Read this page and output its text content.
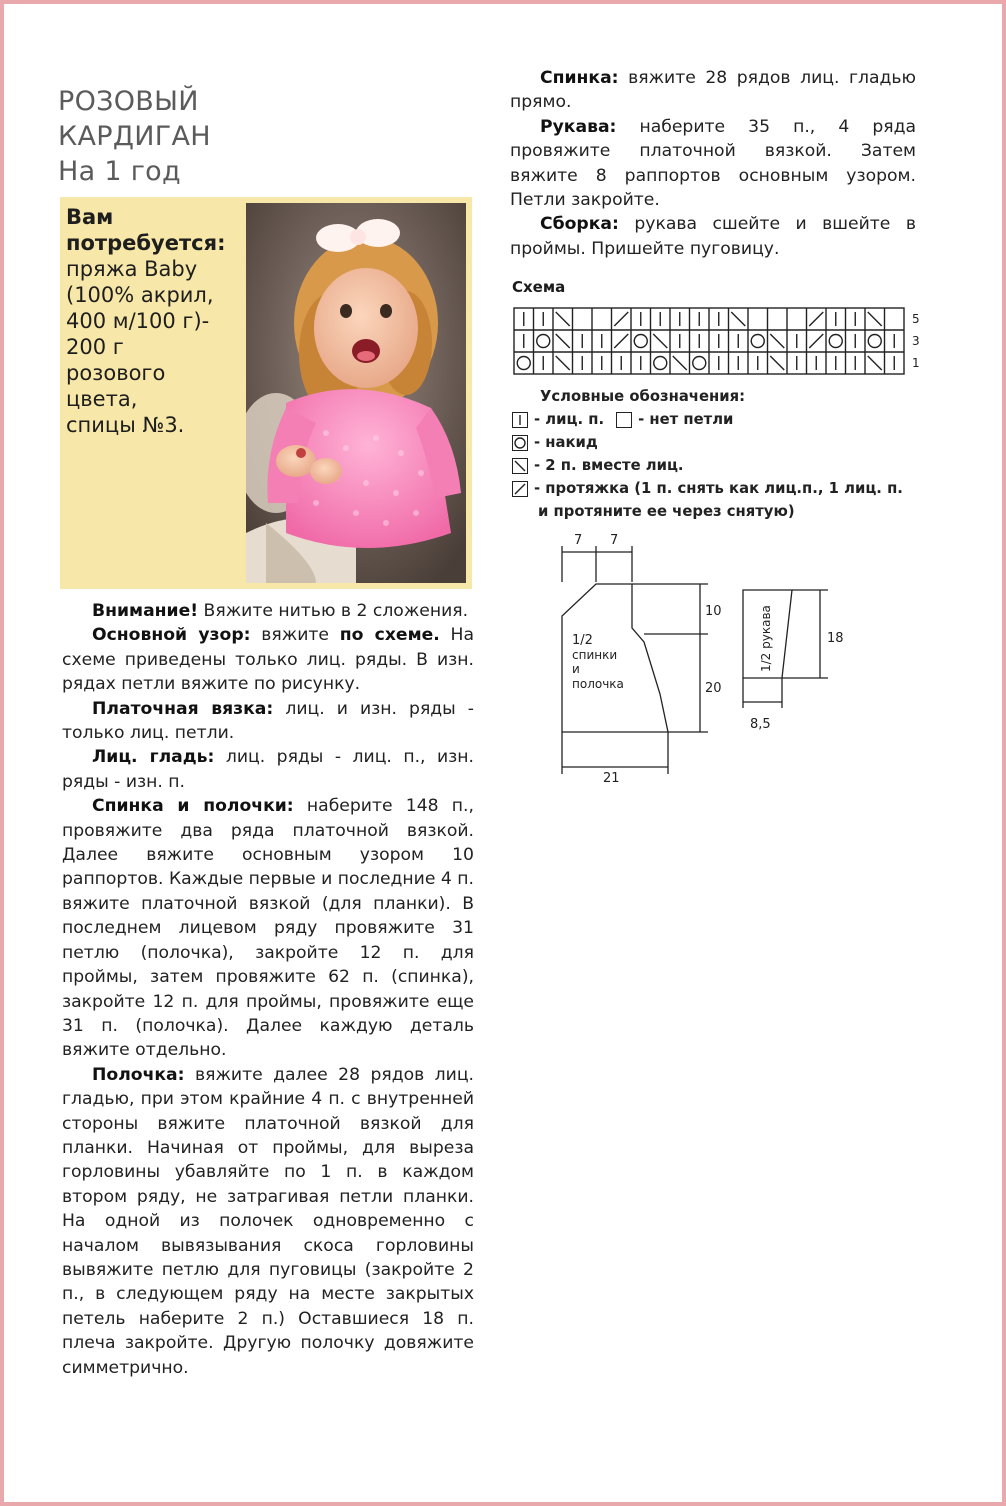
РОЗОВЫЙ
КАРДИГАН
На 1 год
Вам
потребуется:
пряжа Baby
(100% акрил,
400 м/100 г)-
200 г
розового
цвета,
спицы №3.

Внимание! Вяжите нитью в 2 сложения.

Основной узор: вяжите по схеме. На схеме приведены только лиц. ряды. В изн. рядах петли вяжите по рисунку.

Платочная вязка: лиц. и изн. ряды - только лиц. петли.

Лиц. гладь: лиц. ряды - лиц. п., изн. ряды - изн. п.

Спинка и полочки: наберите 148 п., провяжите два ряда платочной вязкой. Далее вяжите основным узором 10 раппортов. Каждые первые и последние 4 п. вяжите платочной вязкой (для планки). В последнем лицевом ряду провяжите 31 петлю (полочка), закройте 12 п. для проймы, затем провяжите 62 п. (спинка), закройте 12 п. для проймы, провяжите еще 31 п. (полочка). Далее каждую деталь вяжите отдельно.

Полочка: вяжите далее 28 рядов лиц. гладью, при этом крайние 4 п. с внутренней стороны вяжите платочной вязкой для планки. Начиная от проймы, для выреза горловины убавляйте по 1 п. в каждом втором ряду, не затрагивая петли планки. На одной из полочек одновременно с началом вывязывания скоса горловины вывяжите петлю для пуговицы (закройте 2 п., в следующем ряду на месте закрытых петель наберите 2 п.) Оставшиеся 18 п. плеча закройте. Другую полочку довяжите симметрично.

Спинка: вяжите 28 рядов лиц. гладью прямо.

Рукава: наберите 35 п., 4 ряда провяжите платочной вязкой. Затем вяжите 8 раппортов основным узором. Петли закройте.

Сборка: рукава сшейте и вшейте в проймы. Пришейте пуговицу.

Схема
5
3
1
Условные обозначения:
- лиц. п. - нет петли
- накид
- 2 п. вместе лиц.
- протяжка (1 п. снять как лиц.п., 1 лиц. п.
и протяните ее через снятую)
7 7
10
20
21
18
8,5
1/2
спинки
и
полочка
1/2 рукава
